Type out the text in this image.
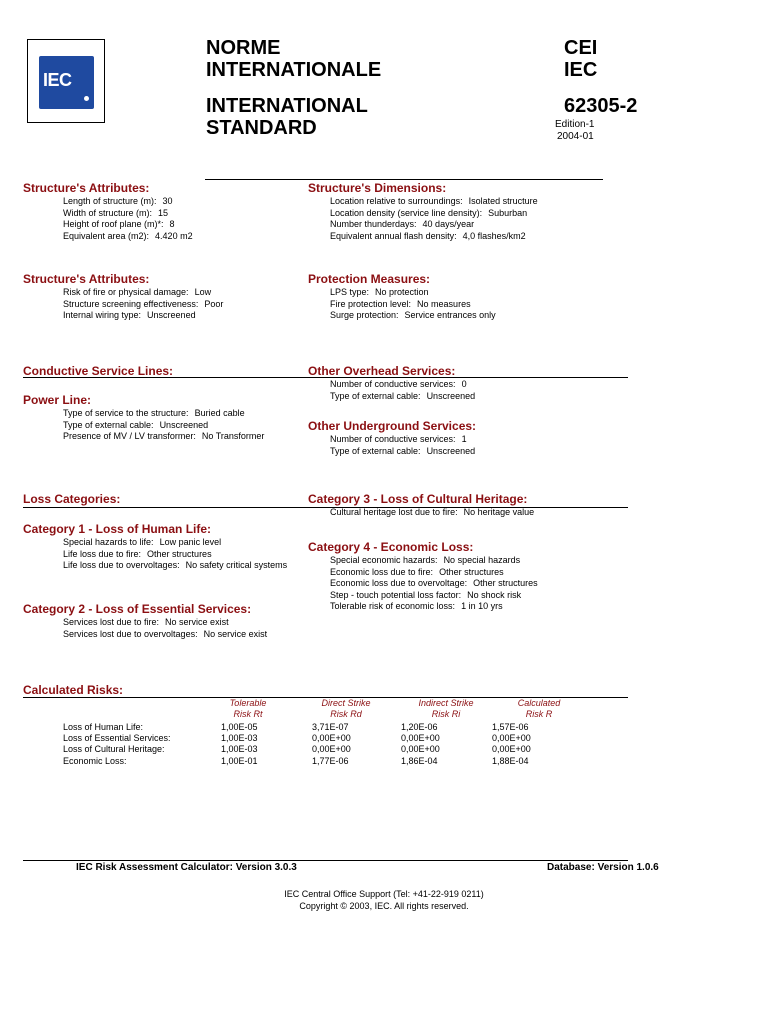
IEC
NORME
INTERNATIONALE
INTERNATIONAL
STANDARD
CEI
IEC
62305-2
Edition-1
2004-01
Structure's Attributes:
Length of structure (m): 30
Width of structure (m): 15
Height of roof plane (m)*: 8
Equivalent area (m2): 4.420 m2
Structure's Dimensions:
Location relative to surroundings: Isolated structure
Location density (service line density): Suburban
Number thunderdays: 40 days/year
Equivalent annual flash density: 4,0 flashes/km2
Structure's Attributes:
Risk of fire or physical damage: Low
Structure screening effectiveness: Poor
Internal wiring type: Unscreened
Protection Measures:
LPS type: No protection
Fire protection level: No measures
Surge protection: Service entrances only
Conductive Service Lines:
Power Line:
Type of service to the structure: Buried cable
Type of external cable: Unscreened
Presence of MV / LV transformer: No Transformer
Other Overhead Services:
Number of conductive services: 0
Type of external cable: Unscreened
Other Underground Services:
Number of conductive services: 1
Type of external cable: Unscreened
Loss Categories:
Category 1 - Loss of Human Life:
Special hazards to life: Low panic level
Life loss due to fire: Other structures
Life loss due to overvoltages: No safety critical systems
Category 2 - Loss of Essential Services:
Services lost due to fire: No service exist
Services lost due to overvoltages: No service exist
Category 3 - Loss of Cultural Heritage:
Cultural heritage lost due to fire: No heritage value
Category 4 - Economic Loss:
Special economic hazards: No special hazards
Economic loss due to fire: Other structures
Economic loss due to overvoltage: Other structures
Step - touch potential loss factor: No shock risk
Tolerable risk of economic loss: 1 in 10 yrs
Calculated Risks:
Tolerable
Risk Rt
Direct Strike
Risk Rd
Indirect Strike
Risk Ri
Calculated
Risk R
Loss of Human Life:	1,00E-05	3,71E-07	1,20E-06	1,57E-06
Loss of Essential Services:	1,00E-03	0,00E+00	0,00E+00	0,00E+00
Loss of Cultural Heritage:	1,00E-03	0,00E+00	0,00E+00	0,00E+00
Economic Loss:	1,00E-01	1,77E-06	1,86E-04	1,88E-04
IEC Risk Assessment Calculator: Version 3.0.3	Database: Version 1.0.6
IEC Central Office Support (Tel: +41-22-919 0211)
Copyright © 2003, IEC. All rights reserved.
